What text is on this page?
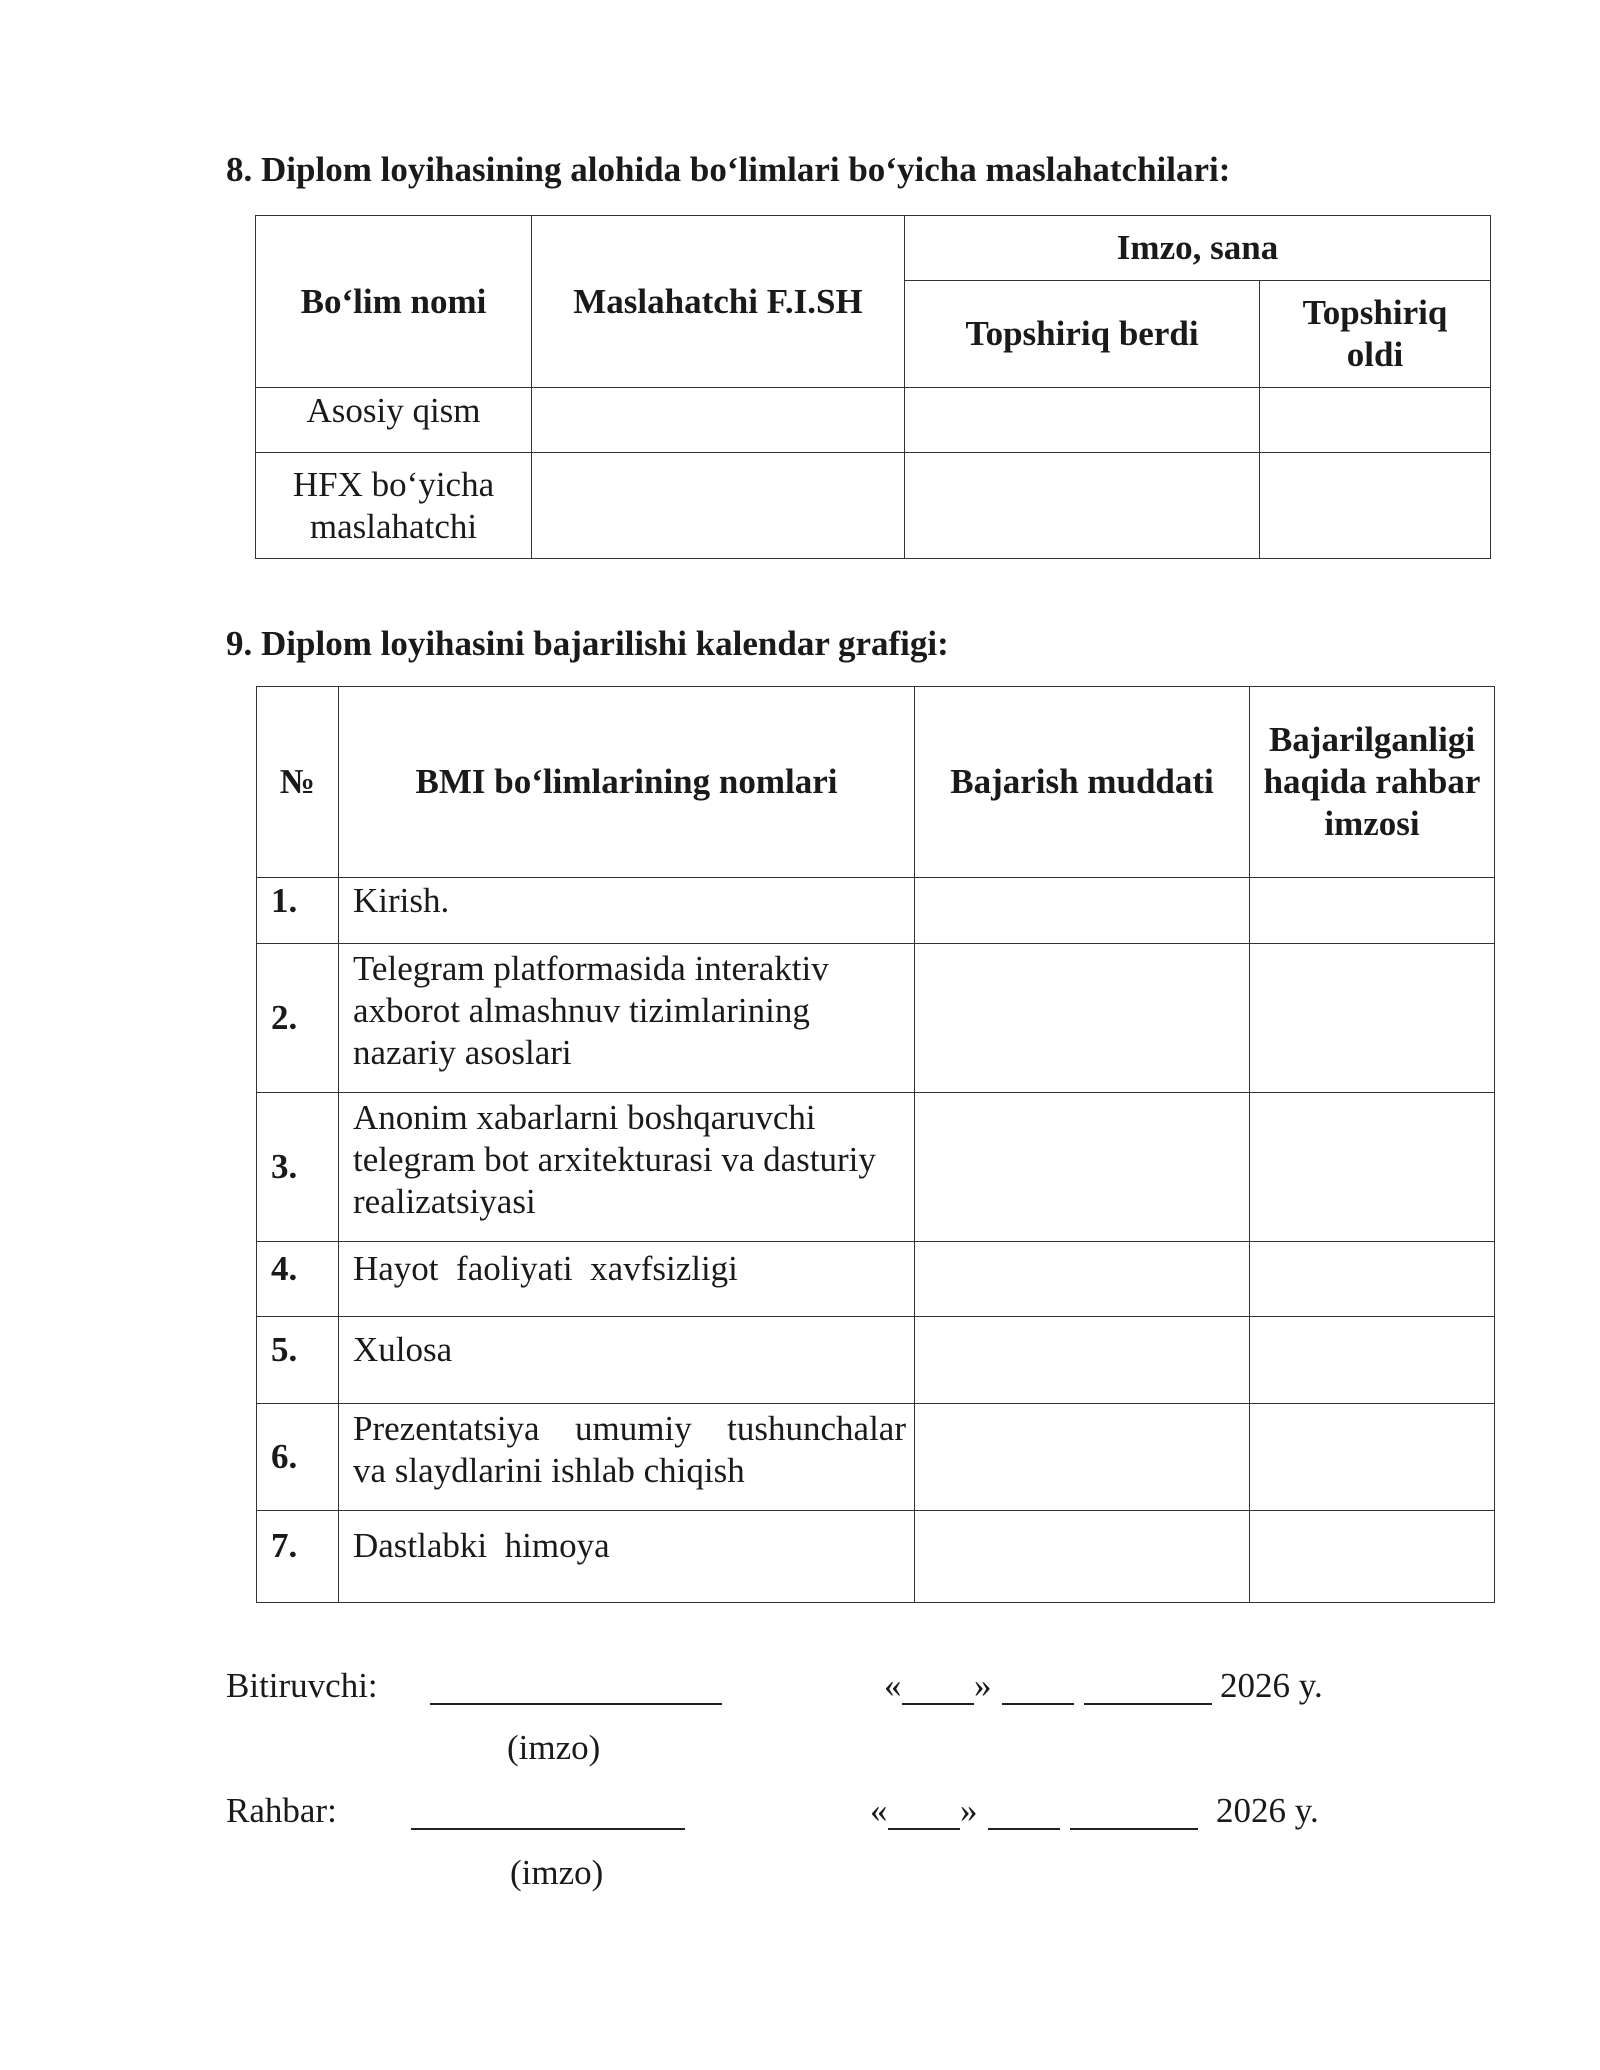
8. Diplom loyihasining alohida bo‘limlari bo‘yicha maslahatchilari:

Bo‘lim nomi	Maslahatchi F.I.SH	Imzo, sana	
		Topshiriq berdi	Topshiriq oldi
Asosiy qism			
HFX bo‘yicha maslahatchi			

9. Diplom loyihasini bajarilishi kalendar grafigi:

№	BMI bo‘limlarining nomlari	Bajarish muddati	Bajarilganligi haqida rahbar imzosi
1.	Kirish.		
2.	Telegram platformasida interaktiv axborot almashnuv tizimlarining nazariy asoslari		
3.	Anonim xabarlarni boshqaruvchi telegram bot arxitekturasi va dasturiy realizatsiyasi		
4.	Hayot  faoliyati  xavfsizligi		
5.	Xulosa		
6.	Prezentatsiya  umumiy  tushunchalar va slaydlarini ishlab chiqish		
7.	Dastlabki  himoya		

Bitiruvchi:	« »	2026 y.

(imzo)

Rahbar:	« »	2026 y.

(imzo)
